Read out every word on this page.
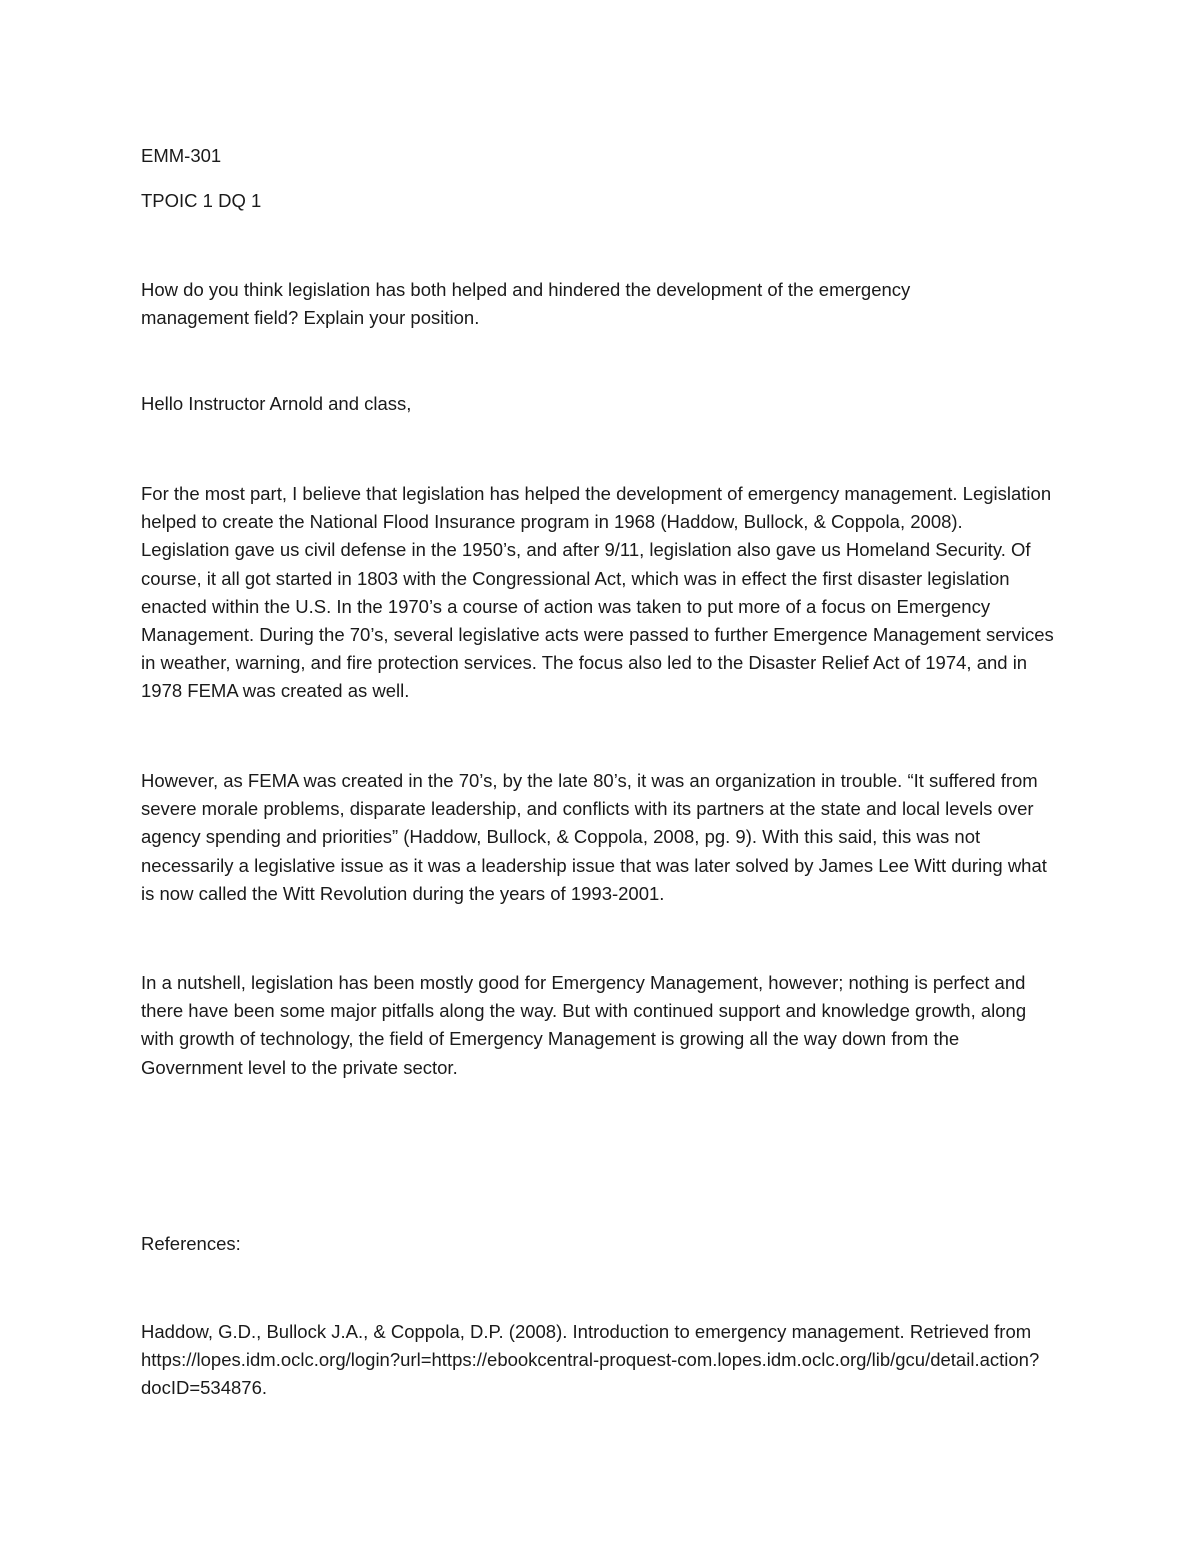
EMM-301

TPOIC 1 DQ 1

How do you think legislation has both helped and hindered the development of the emergency management field? Explain your position.

Hello Instructor Arnold and class,

For the most part, I believe that legislation has helped the development of emergency management. Legislation helped to create the National Flood Insurance program in 1968 (Haddow, Bullock, & Coppola, 2008). Legislation gave us civil defense in the 1950’s, and after 9/11, legislation also gave us Homeland Security. Of course, it all got started in 1803 with the Congressional Act, which was in effect the first disaster legislation enacted within the U.S. In the 1970’s a course of action was taken to put more of a focus on Emergency Management. During the 70’s, several legislative acts were passed to further Emergence Management services in weather, warning, and fire protection services. The focus also led to the Disaster Relief Act of 1974, and in 1978 FEMA was created as well.

However, as FEMA was created in the 70’s, by the late 80’s, it was an organization in trouble. “It suffered from severe morale problems, disparate leadership, and conflicts with its partners at the state and local levels over agency spending and priorities” (Haddow, Bullock, & Coppola, 2008, pg. 9). With this said, this was not necessarily a legislative issue as it was a leadership issue that was later solved by James Lee Witt during what is now called the Witt Revolution during the years of 1993-2001.

In a nutshell, legislation has been mostly good for Emergency Management, however; nothing is perfect and there have been some major pitfalls along the way. But with continued support and knowledge growth, along with growth of technology, the field of Emergency Management is growing all the way down from the Government level to the private sector.

References:

Haddow, G.D., Bullock J.A., & Coppola, D.P. (2008). Introduction to emergency management. Retrieved from https://lopes.idm.oclc.org/login?url=https://ebookcentral-proquest-com.lopes.idm.oclc.org/lib/gcu/detail.action?docID=534876.
